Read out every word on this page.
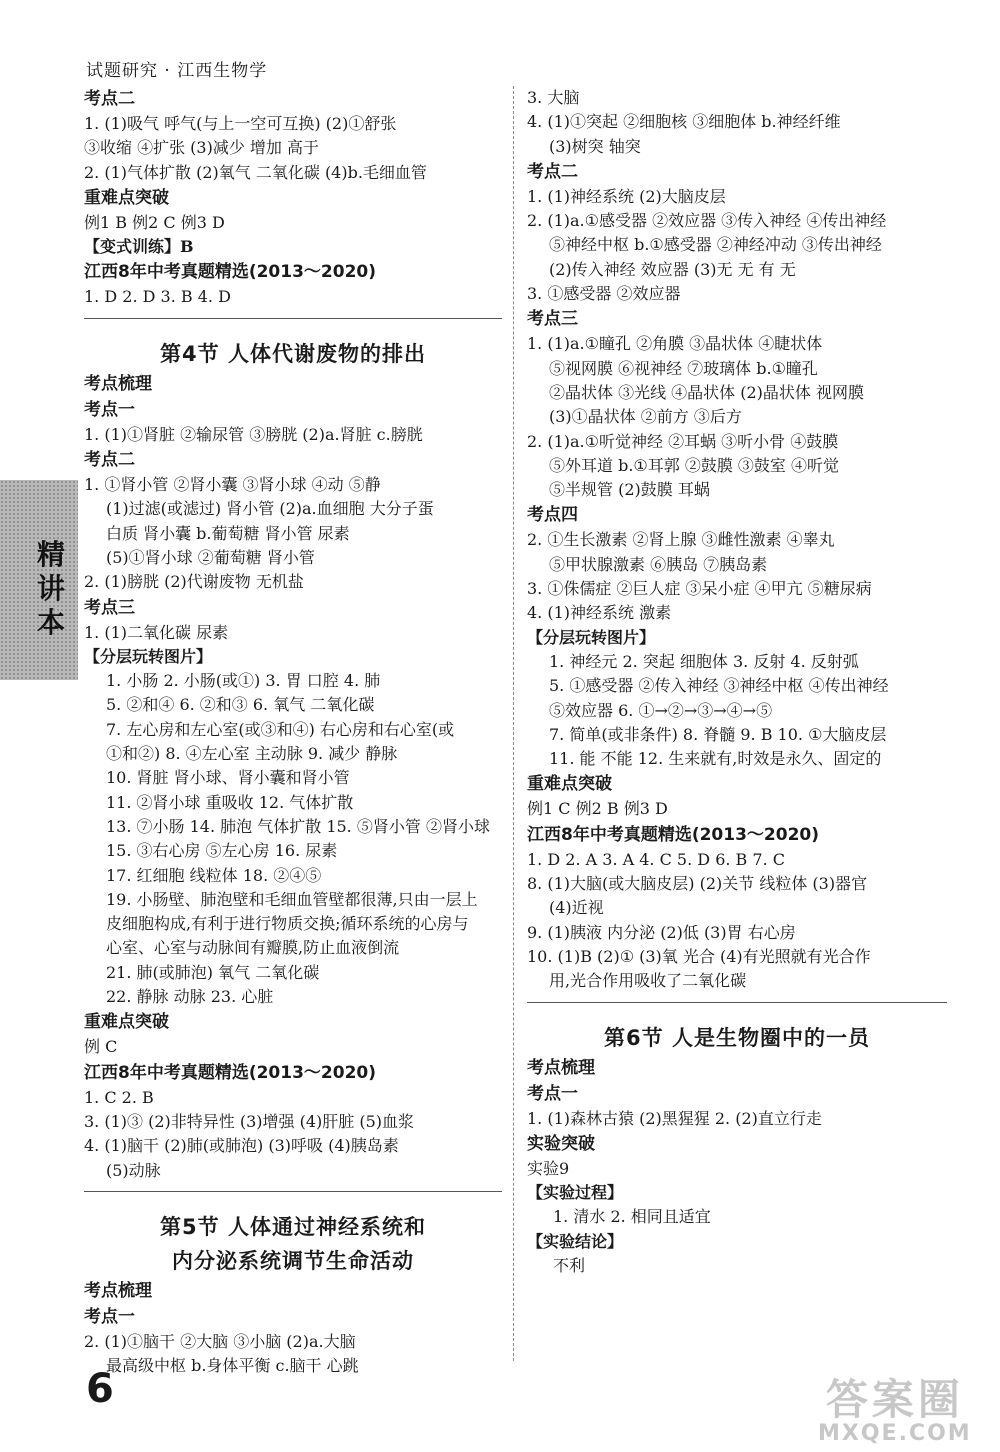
试题研究 · 江西生物学
精讲本
考点二
1. (1)吸气 呼气(与上一空可互换) (2)①舒张
③收缩 ④扩张 (3)减少 增加 高于
2. (1)气体扩散 (2)氧气 二氧化碳 (4)b.毛细血管
重难点突破
例1 B 例2 C 例3 D
【变式训练】B
江西8年中考真题精选(2013～2020)
1. D 2. D 3. B 4. D
第4节 人体代谢废物的排出
考点梳理
考点一
1. (1)①肾脏 ②输尿管 ③膀胱 (2)a.肾脏 c.膀胱
考点二
1. ①肾小管 ②肾小囊 ③肾小球 ④动 ⑤静
(1)过滤(或滤过) 肾小管 (2)a.血细胞 大分子蛋
白质 肾小囊 b.葡萄糖 肾小管 尿素
(5)①肾小球 ②葡萄糖 肾小管
2. (1)膀胱 (2)代谢废物 无机盐
考点三
1. (1)二氧化碳 尿素
【分层玩转图片】
1. 小肠 2. 小肠(或①) 3. 胃 口腔 4. 肺
5. ②和④ 6. ②和③ 6. 氧气 二氧化碳
7. 左心房和左心室(或③和④) 右心房和右心室(或
①和②) 8. ④左心室 主动脉 9. 减少 静脉
10. 肾脏 肾小球、肾小囊和肾小管
11. ②肾小球 重吸收 12. 气体扩散
13. ⑦小肠 14. 肺泡 气体扩散 15. ⑤肾小管 ②肾小球
15. ③右心房 ⑤左心房 16. 尿素
17. 红细胞 线粒体 18. ②④⑤
19. 小肠壁、肺泡壁和毛细血管壁都很薄,只由一层上
皮细胞构成,有利于进行物质交换;循环系统的心房与
心室、心室与动脉间有瓣膜,防止血液倒流
21. 肺(或肺泡) 氧气 二氧化碳
22. 静脉 动脉 23. 心脏
重难点突破
例 C
江西8年中考真题精选(2013～2020)
1. C 2. B
3. (1)③ (2)非特异性 (3)增强 (4)肝脏 (5)血浆
4. (1)脑干 (2)肺(或肺泡) (3)呼吸 (4)胰岛素
(5)动脉
第5节 人体通过神经系统和
内分泌系统调节生命活动
考点梳理
考点一
2. (1)①脑干 ②大脑 ③小脑 (2)a.大脑
最高级中枢 b.身体平衡 c.脑干 心跳
3. 大脑
4. (1)①突起 ②细胞核 ③细胞体 b.神经纤维
(3)树突 轴突
考点二
1. (1)神经系统 (2)大脑皮层
2. (1)a.①感受器 ②效应器 ③传入神经 ④传出神经
⑤神经中枢 b.①感受器 ②神经冲动 ③传出神经
(2)传入神经 效应器 (3)无 无 有 无
3. ①感受器 ②效应器
考点三
1. (1)a.①瞳孔 ②角膜 ③晶状体 ④睫状体
⑤视网膜 ⑥视神经 ⑦玻璃体 b.①瞳孔
②晶状体 ③光线 ④晶状体 (2)晶状体 视网膜
(3)①晶状体 ②前方 ③后方
2. (1)a.①听觉神经 ②耳蜗 ③听小骨 ④鼓膜
⑤外耳道 b.①耳郭 ②鼓膜 ③鼓室 ④听觉
⑤半规管 (2)鼓膜 耳蜗
考点四
2. ①生长激素 ②肾上腺 ③雌性激素 ④睾丸
⑤甲状腺激素 ⑥胰岛 ⑦胰岛素
3. ①侏儒症 ②巨人症 ③呆小症 ④甲亢 ⑤糖尿病
4. (1)神经系统 激素
【分层玩转图片】
1. 神经元 2. 突起 细胞体 3. 反射 4. 反射弧
5. ①感受器 ②传入神经 ③神经中枢 ④传出神经
⑤效应器 6. ①→②→③→④→⑤
7. 简单(或非条件) 8. 脊髓 9. B 10. ①大脑皮层
11. 能 不能 12. 生来就有,时效是永久、固定的
重难点突破
例1 C 例2 B 例3 D
江西8年中考真题精选(2013～2020)
1. D 2. A 3. A 4. C 5. D 6. B 7. C
8. (1)大脑(或大脑皮层) (2)关节 线粒体 (3)器官
(4)近视
9. (1)胰液 内分泌 (2)低 (3)胃 右心房
10. (1)B (2)① (3)氧 光合 (4)有光照就有光合作
用,光合作用吸收了二氧化碳
第6节 人是生物圈中的一员
考点梳理
考点一
1. (1)森林古猿 (2)黑猩猩 2. (2)直立行走
实验突破
实验9
【实验过程】
1. 清水 2. 相同且适宜
【实验结论】
不利
6	答案圈
MXQE.COM
